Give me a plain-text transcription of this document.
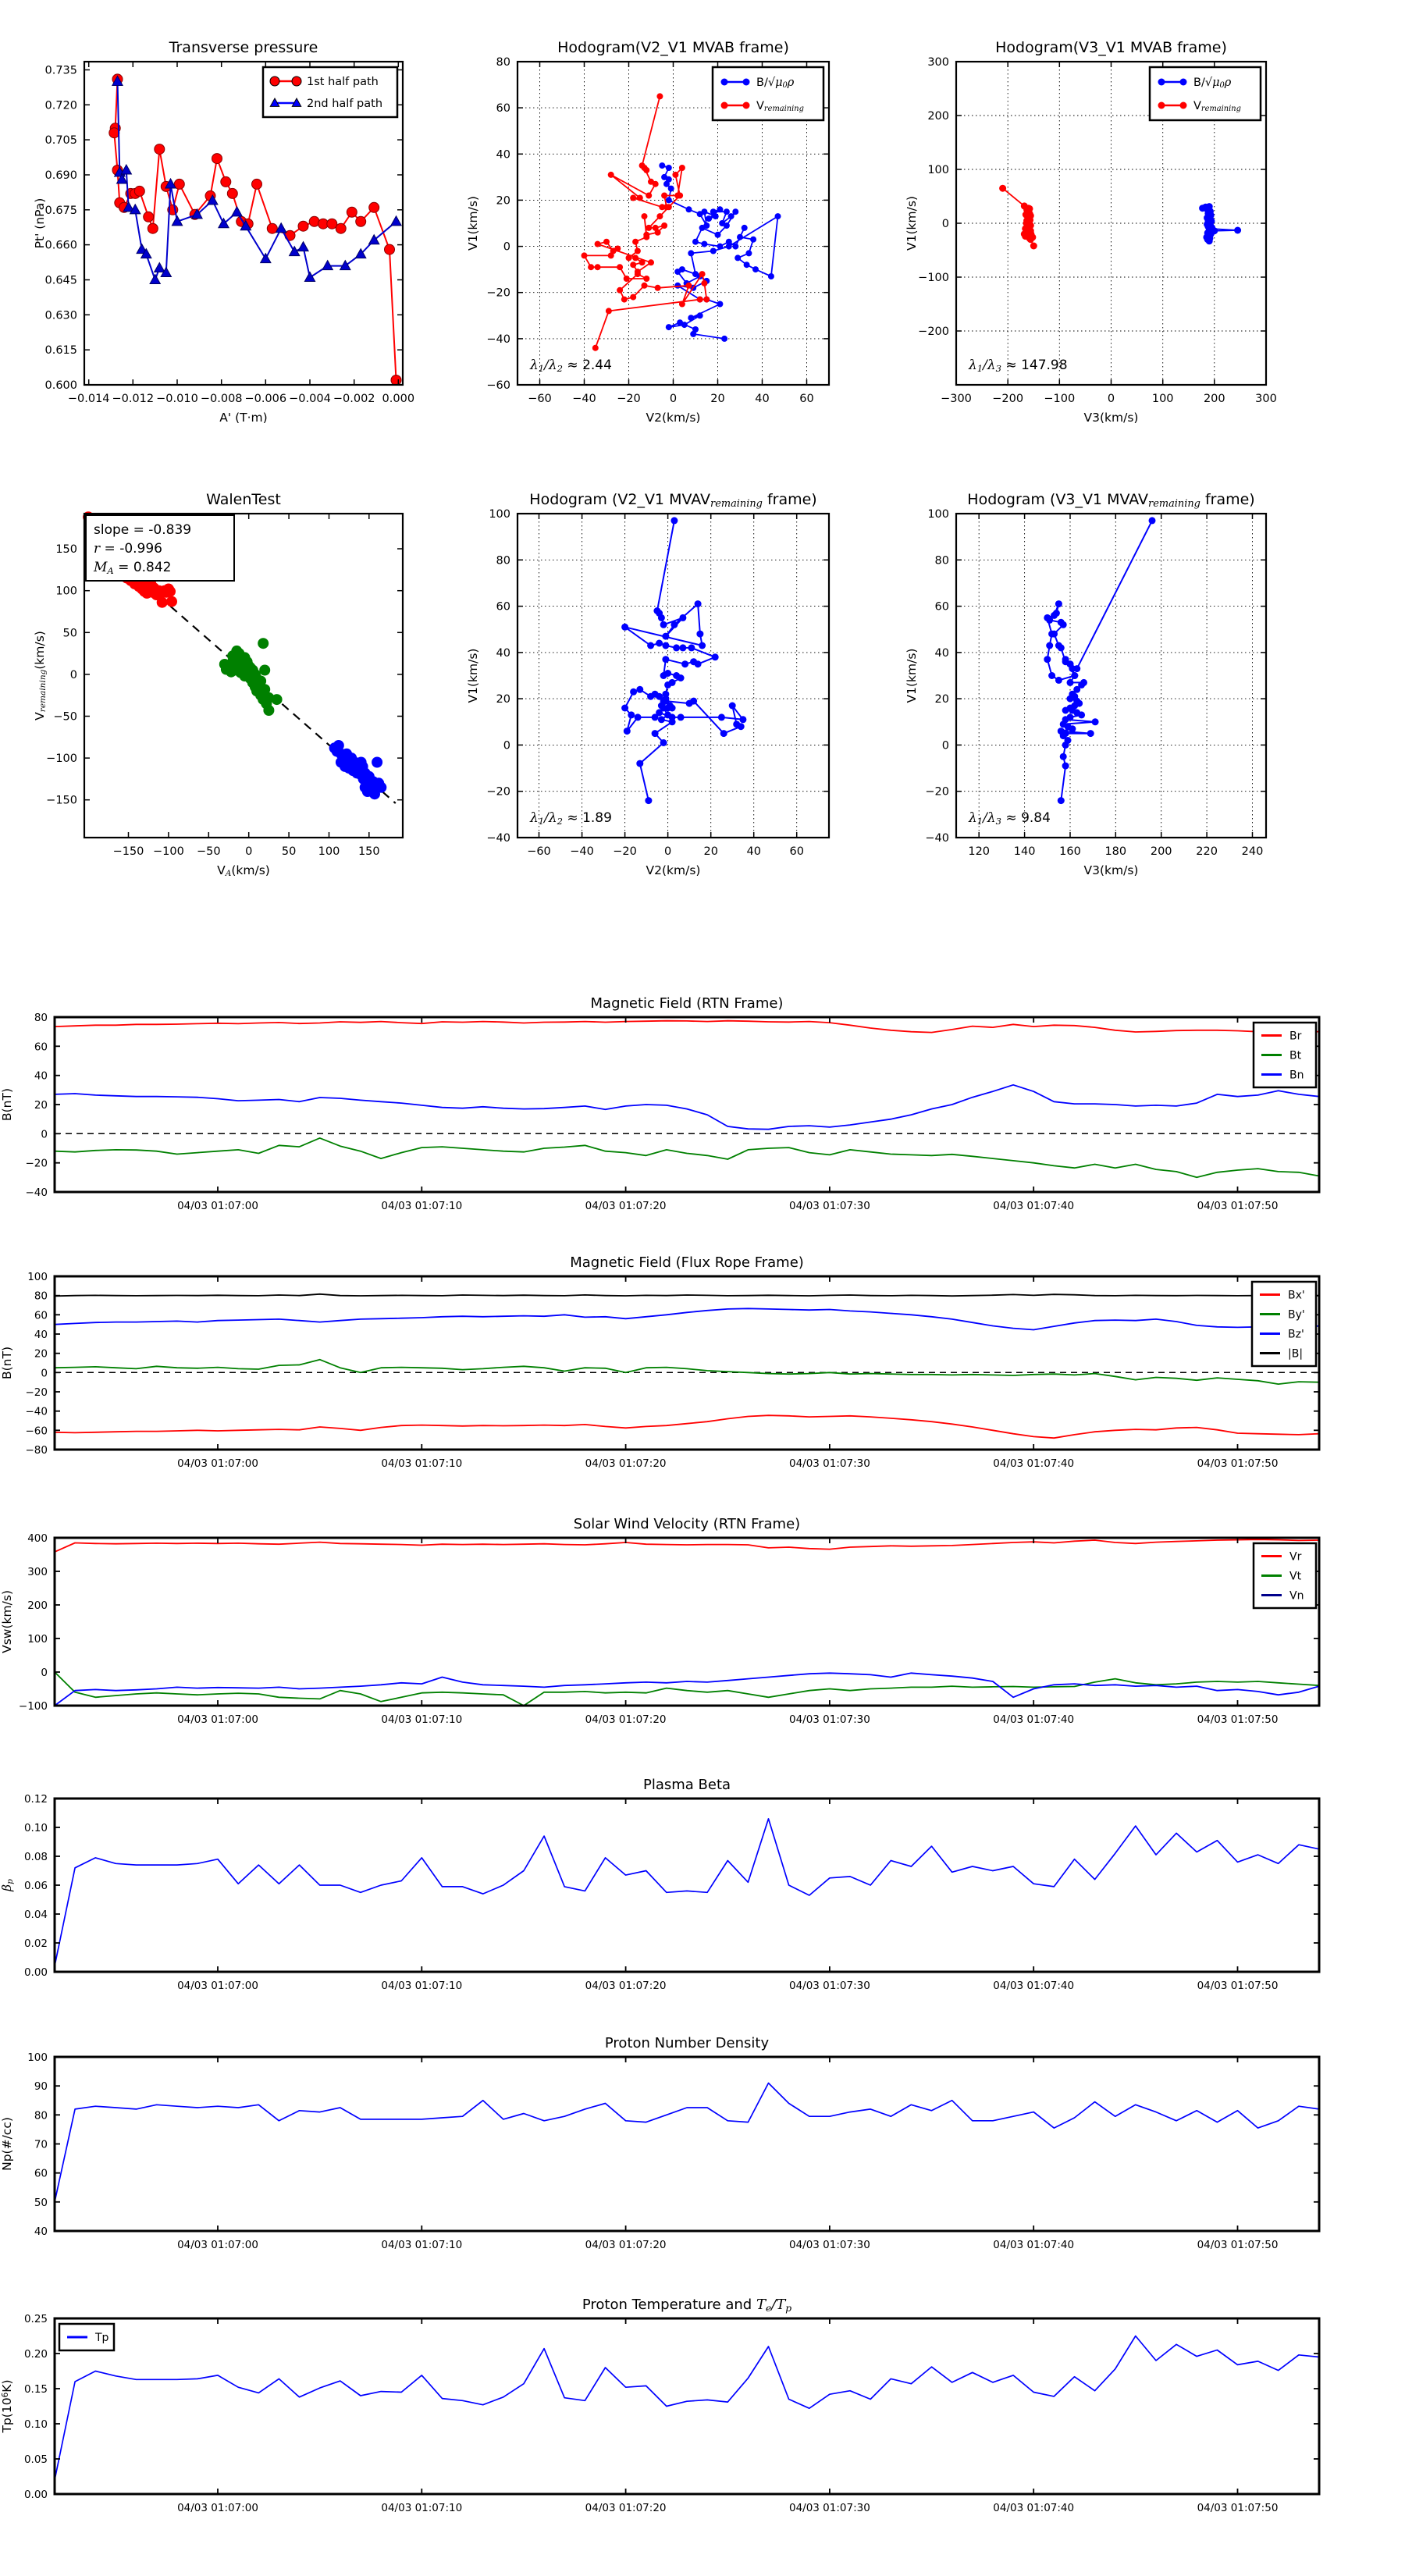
−0.014 −0.012 −0.010 −0.008 −0.006 −0.004 −0.002 0.000
0.600
0.615
0.630
0.645
0.660
0.675
0.690
0.705
0.720
0.735
Transverse pressure
A' (T·m)
Pt' (nPa)
1st half path
2nd half path
−60 −40 −20	0	20	40	60
−60
−40
−20
0
20
40
60
80
Hodogram(V2_V1 MVAB frame)
V2(km/s)
V1(km/s)
B/√μ0ρ
Vremaining
λ1/λ2 ≈ 2.44
−300 −200 −100	0	100	200	300
−200
−100
0
100
200
300
Hodogram(V3_V1 MVAB frame)
V3(km/s)
V1(km/s)
B/√μ0ρ
Vremaining
λ1/λ3 ≈ 147.98
−150 −100 −50 0	50 100 150
−150
−100
−50
0
50
100
150
WalenTest
VA(km/s)
Vremaining(km/s)
slope = -0.839
r = -0.996
MA = 0.842
−60 −40 −20 0	20	40	60
−40
−20
0
20
40
60
80
100
Hodogram (V2_V1 MVAVremaining frame)
V2(km/s)
V1(km/s)
λ1/λ2 ≈ 1.89
120 140 160 180 200 220 240
−40
−20
0
20
40
60
80
100
Hodogram (V3_V1 MVAVremaining frame)
V3(km/s)
V1(km/s)
λ1/λ3 ≈ 9.84
04/03 01:07:00	04/03 01:07:10	04/03 01:07:20	04/03 01:07:30	04/03 01:07:40	04/03 01:07:50
−40
−20
0
20
40
60
80
Magnetic Field (RTN Frame)
B(nT)
Br
Bt
Bn
04/03 01:07:00	04/03 01:07:10	04/03 01:07:20	04/03 01:07:30	04/03 01:07:40	04/03 01:07:50
−80
−60
−40
−20
0
20
40
60
80
100
Magnetic Field (Flux Rope Frame)
B(nT)
Bx'
By'
Bz'
|B|
04/03 01:07:00	04/03 01:07:10	04/03 01:07:20	04/03 01:07:30	04/03 01:07:40	04/03 01:07:50
−100
0
100
200
300
400
Solar Wind Velocity (RTN Frame)
Vsw(km/s)
Vr
Vt
Vn
04/03 01:07:00	04/03 01:07:10	04/03 01:07:20	04/03 01:07:30	04/03 01:07:40	04/03 01:07:50
0.00
0.02
0.04
0.06
0.08
0.10
0.12
Plasma Beta
βp
04/03 01:07:00	04/03 01:07:10	04/03 01:07:20	04/03 01:07:30	04/03 01:07:40	04/03 01:07:50
40
50
60
70
80
90
100
Proton Number Density
Np(#/cc)
04/03 01:07:00	04/03 01:07:10	04/03 01:07:20	04/03 01:07:30	04/03 01:07:40	04/03 01:07:50
0.00
0.05
0.10
0.15
0.20
0.25
Proton Temperature and Te/Tp
Tp(106K)
Tp
